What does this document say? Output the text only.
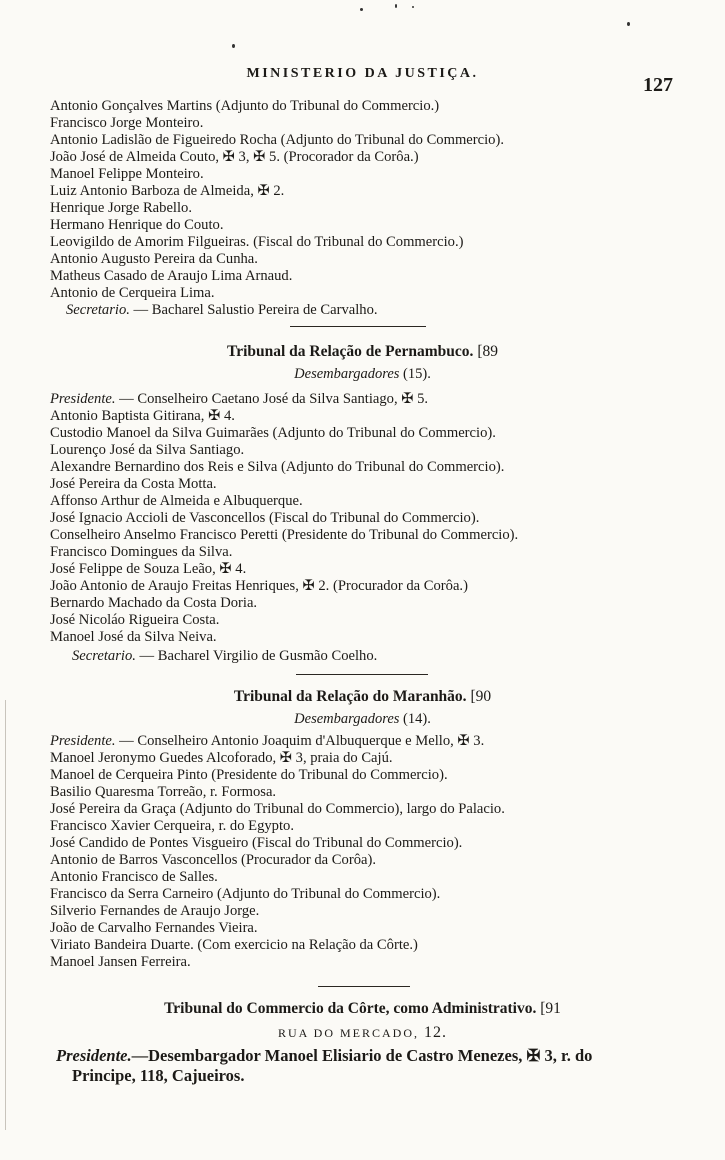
MINISTERIO DA JUSTIÇA.
127
Antonio Gonçalves Martins (Adjunto do Tribunal do Commercio.)
Francisco Jorge Monteiro.
Antonio Ladislão de Figueiredo Rocha (Adjunto do Tribunal do Commercio).
João José de Almeida Couto, ✠ 3, ✠ 5. (Procorador da Corôa.)
Manoel Felippe Monteiro.
Luiz Antonio Barboza de Almeida, ✠ 2.
Henrique Jorge Rabello.
Hermano Henrique do Couto.
Leovigildo de Amorim Filgueiras. (Fiscal do Tribunal do Commercio.)
Antonio Augusto Pereira da Cunha.
Matheus Casado de Araujo Lima Arnaud.
Antonio de Cerqueira Lima.
Secretario. — Bacharel Salustio Pereira de Carvalho.
Tribunal da Relação de Pernambuco. [89
Desembargadores (15).
Presidente. — Conselheiro Caetano José da Silva Santiago, ✠ 5.
Antonio Baptista Gitirana, ✠ 4.
Custodio Manoel da Silva Guimarães (Adjunto do Tribunal do Commercio).
Lourenço José da Silva Santiago.
Alexandre Bernardino dos Reis e Silva (Adjunto do Tribunal do Commercio).
José Pereira da Costa Motta.
Affonso Arthur de Almeida e Albuquerque.
José Ignacio Accioli de Vasconcellos (Fiscal do Tribunal do Commercio).
Conselheiro Anselmo Francisco Peretti (Presidente do Tribunal do Commercio).
Francisco Domingues da Silva.
José Felippe de Souza Leão, ✠ 4.
João Antonio de Araujo Freitas Henriques, ✠ 2. (Procurador da Corôa.)
Bernardo Machado da Costa Doria.
José Nicoláo Rigueira Costa.
Manoel José da Silva Neiva.
Secretario. — Bacharel Virgilio de Gusmão Coelho.
Tribunal da Relação do Maranhão. [90
Desembargadores (14).
Presidente. — Conselheiro Antonio Joaquim d'Albuquerque e Mello, ✠ 3.
Manoel Jeronymo Guedes Alcoforado, ✠ 3, praia do Cajú.
Manoel de Cerqueira Pinto (Presidente do Tribunal do Commercio).
Basilio Quaresma Torreão, r. Formosa.
José Pereira da Graça (Adjunto do Tribunal do Commercio), largo do Palacio.
Francisco Xavier Cerqueira, r. do Egypto.
José Candido de Pontes Visgueiro (Fiscal do Tribunal do Commercio).
Antonio de Barros Vasconcellos (Procurador da Corôa).
Antonio Francisco de Salles.
Francisco da Serra Carneiro (Adjunto do Tribunal do Commercio).
Silverio Fernandes de Araujo Jorge.
João de Carvalho Fernandes Vieira.
Viriato Bandeira Duarte. (Com exercicio na Relação da Côrte.)
Manoel Jansen Ferreira.
Tribunal do Commercio da Côrte, como Administrativo. [91
RUA DO MERCADO, 12.
Presidente.—Desembargador Manoel Elisiario de Castro Menezes, ✠ 3, r. do
Principe, 118, Cajueiros.
